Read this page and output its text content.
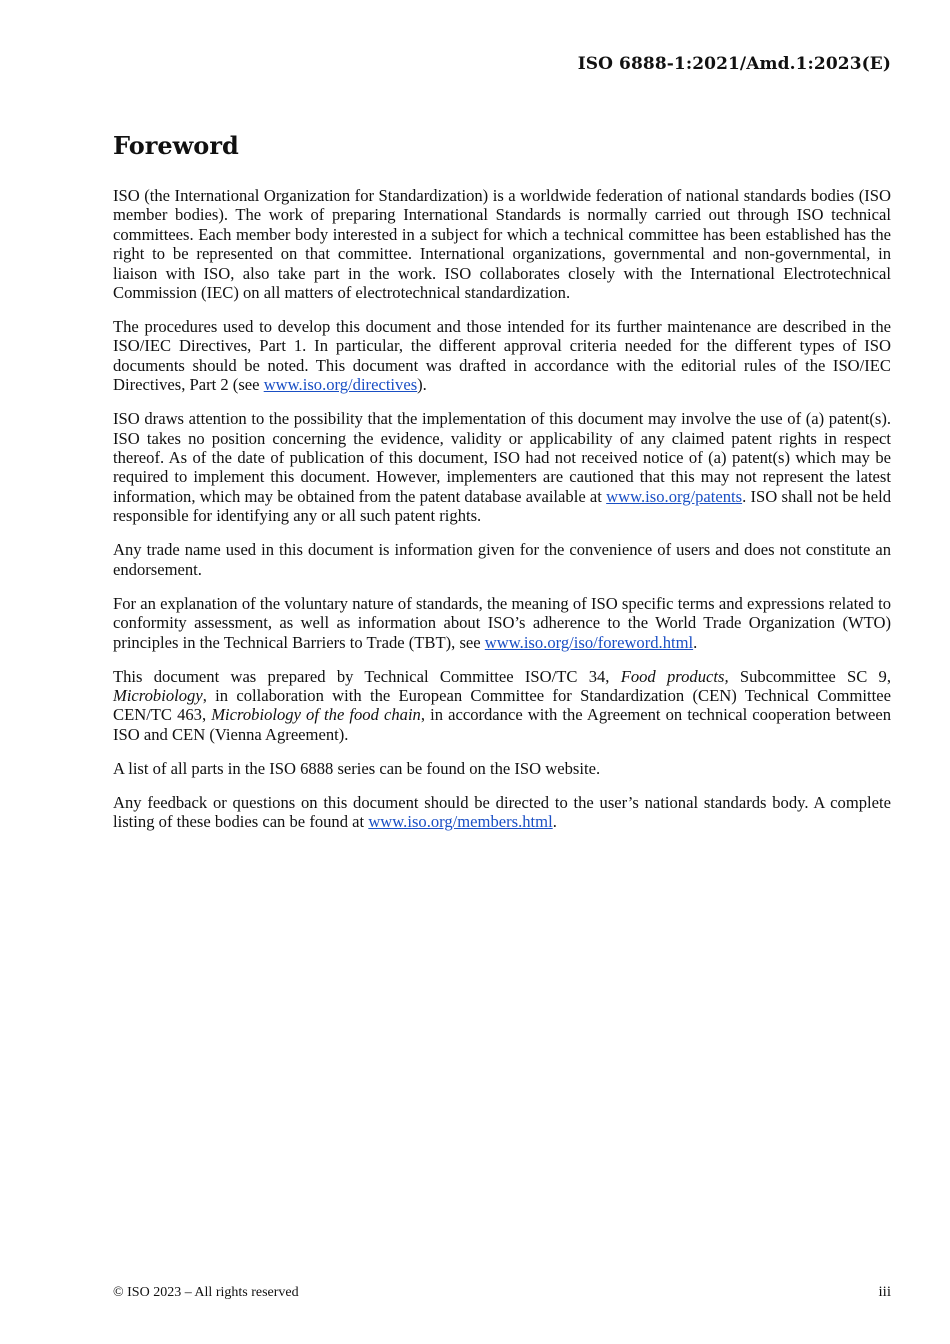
ISO 6888-1:2021/Amd.1:2023(E)
Foreword

ISO (the International Organization for Standardization) is a worldwide federation of national standards bodies (ISO member bodies). The work of preparing International Standards is normally carried out through ISO technical committees. Each member body interested in a subject for which a technical committee has been established has the right to be represented on that committee. International organizations, governmental and non-governmental, in liaison with ISO, also take part in the work. ISO collaborates closely with the International Electrotechnical Commission (IEC) on all matters of electrotechnical standardization.

The procedures used to develop this document and those intended for its further maintenance are described in the ISO/IEC Directives, Part 1. In particular, the different approval criteria needed for the different types of ISO documents should be noted. This document was drafted in accordance with the editorial rules of the ISO/IEC Directives, Part 2 (see www.iso.org/directives).

ISO draws attention to the possibility that the implementation of this document may involve the use of (a) patent(s). ISO takes no position concerning the evidence, validity or applicability of any claimed patent rights in respect thereof. As of the date of publication of this document, ISO had not received notice of (a) patent(s) which may be required to implement this document. However, implementers are cautioned that this may not represent the latest information, which may be obtained from the patent database available at www.iso.org/patents. ISO shall not be held responsible for identifying any or all such patent rights.

Any trade name used in this document is information given for the convenience of users and does not constitute an endorsement.

For an explanation of the voluntary nature of standards, the meaning of ISO specific terms and expressions related to conformity assessment, as well as information about ISO’s adherence to the World Trade Organization (WTO) principles in the Technical Barriers to Trade (TBT), see www.iso.org/iso/foreword.html.

This document was prepared by Technical Committee ISO/TC 34, Food products, Subcommittee SC 9, Microbiology, in collaboration with the European Committee for Standardization (CEN) Technical Committee CEN/TC 463, Microbiology of the food chain, in accordance with the Agreement on technical cooperation between ISO and CEN (Vienna Agreement).

A list of all parts in the ISO 6888 series can be found on the ISO website.

Any feedback or questions on this document should be directed to the user’s national standards body. A complete listing of these bodies can be found at www.iso.org/members.html.

© ISO 2023 – All rights reserved	iii
